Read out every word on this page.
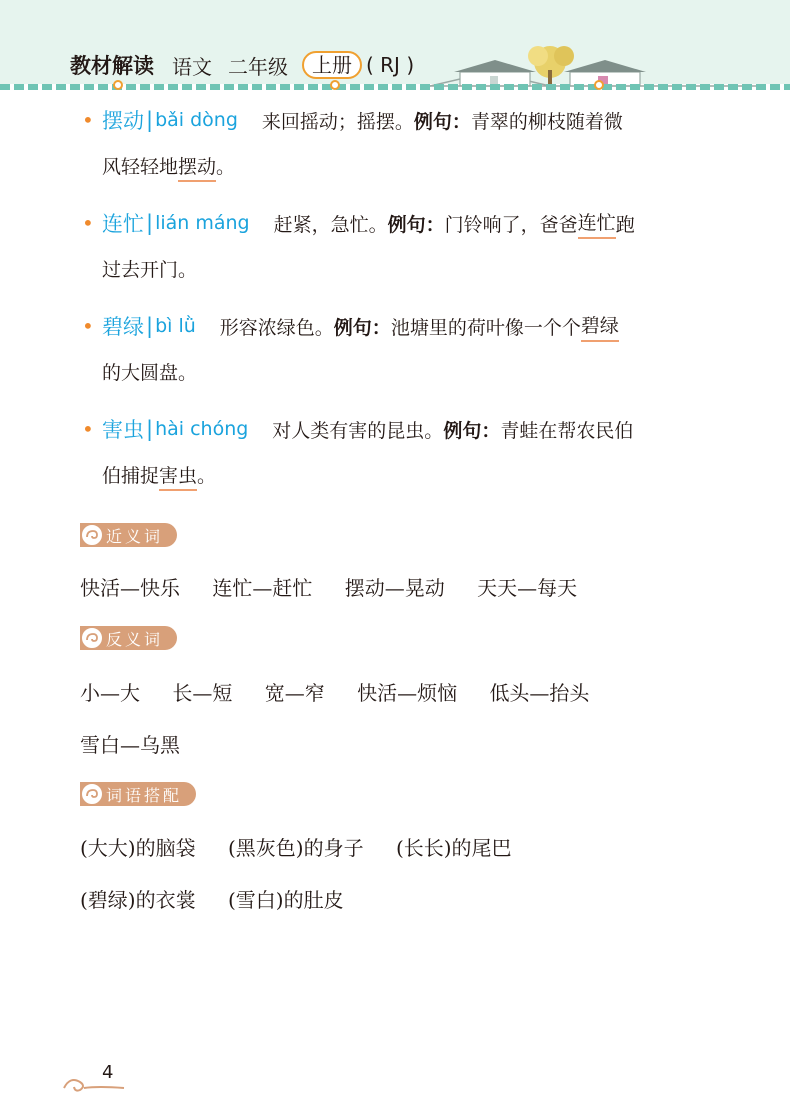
教材解读 语文 二年级	上册 ( RJ )
• 摆动 | bǎi dòng 来回摇动；摇摆。 例句： 青翠的柳枝随着微
风轻轻地摆动。
• 连忙 | lián máng 赶紧，急忙。 例句： 门铃响了，爸爸 连忙 跑
过去开门。
• 碧绿 | bì lǜ 形容浓绿色。 例句： 池塘里的荷叶像一个个 碧绿
的大圆盘。
• 害虫 | hài chóng 对人类有害的昆虫。 例句： 青蛙在帮农民伯
伯捕捉害虫。
近义词
快活—快乐 连忙—赶忙 摆动—晃动 天天—每天
反义词
小—大 长—短 宽—窄 快活—烦恼 低头—抬头
雪白—乌黑
词语搭配
(大大)的脑袋 (黑灰色)的身子 (长长)的尾巴
(碧绿)的衣裳 (雪白)的肚皮
4
